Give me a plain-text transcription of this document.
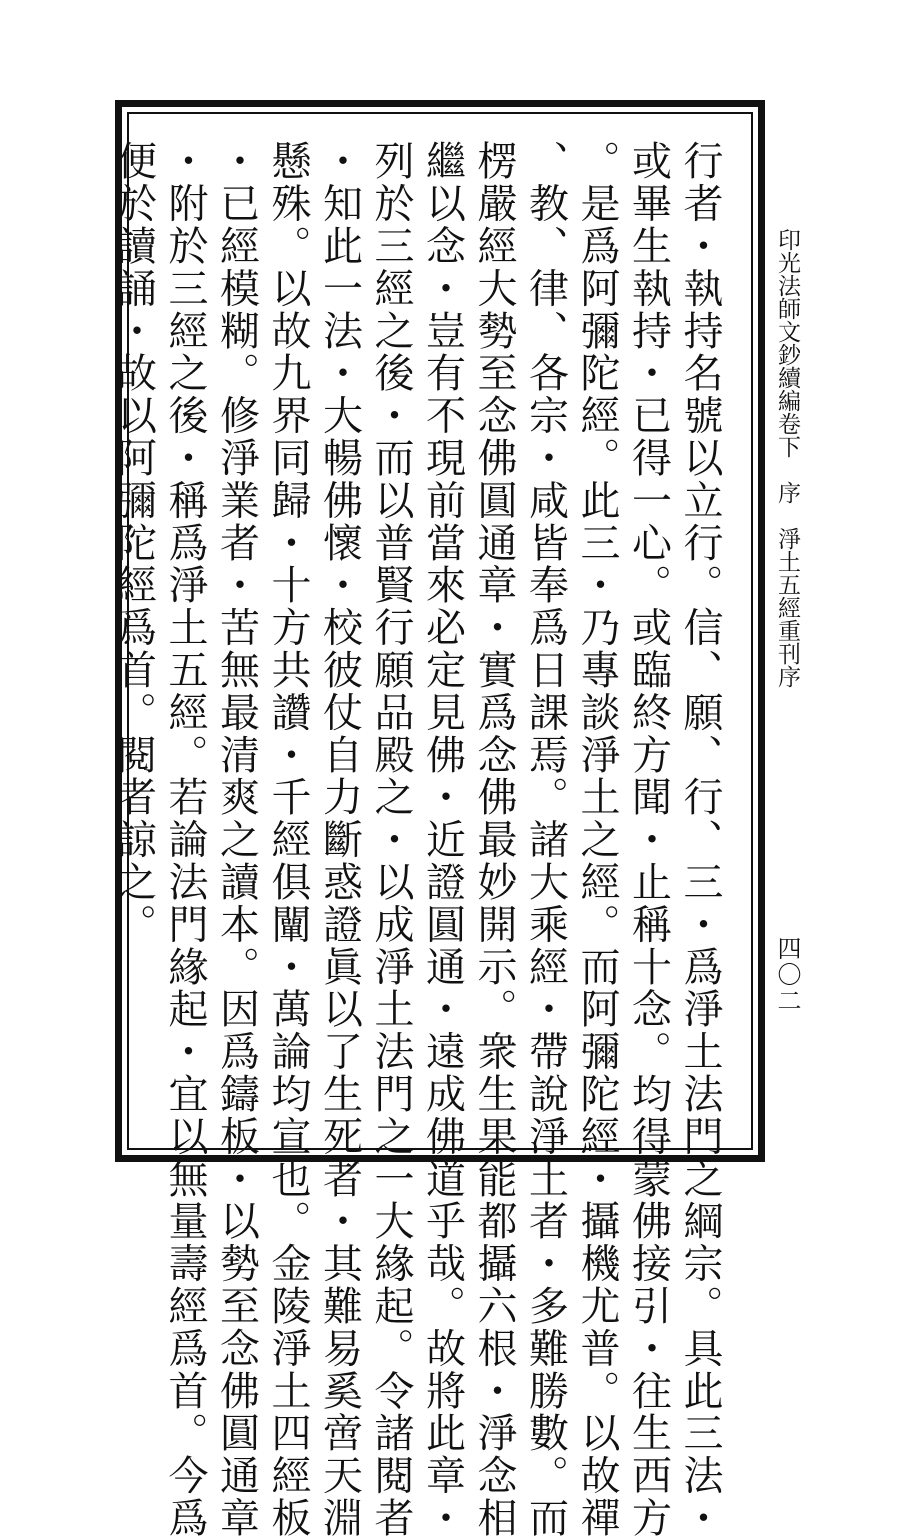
印光法師文鈔續編卷下　序　淨土五經重刊序

四〇二

行者・執持名號以立行。信、願、行、三・爲淨土法門之綱宗。具此三法・
或畢生執持・已得一心。或臨終方聞・止稱十念。均得蒙佛接引・往生西方
。是爲阿彌陀經。此三・乃專談淨土之經。而阿彌陀經・攝機尤普。以故禪
、教、律、各宗・咸皆奉爲日課焉。諸大乘經・帶說淨土者・多難勝數。而
楞嚴經大勢至念佛圓通章・實爲念佛最妙開示。衆生果能都攝六根・淨念相
繼以念・豈有不現前當來必定見佛・近證圓通・遠成佛道乎哉。故將此章・
列於三經之後・而以普賢行願品殿之・以成淨土法門之一大緣起。令諸閱者
・知此一法・大暢佛懷・校彼仗自力斷惑證眞以了生死者・其難易奚啻天淵
懸殊。以故九界同歸・十方共讚・千經俱闡・萬論均宣也。金陵淨土四經板
・已經模糊。修淨業者・苦無最清爽之讀本。因爲鑄板・以勢至念佛圓通章
・附於三經之後・稱爲淨土五經。若論法門緣起・宜以無量壽經爲首。今爲
便於讀誦・故以阿彌陀經爲首。閱者諒之。
